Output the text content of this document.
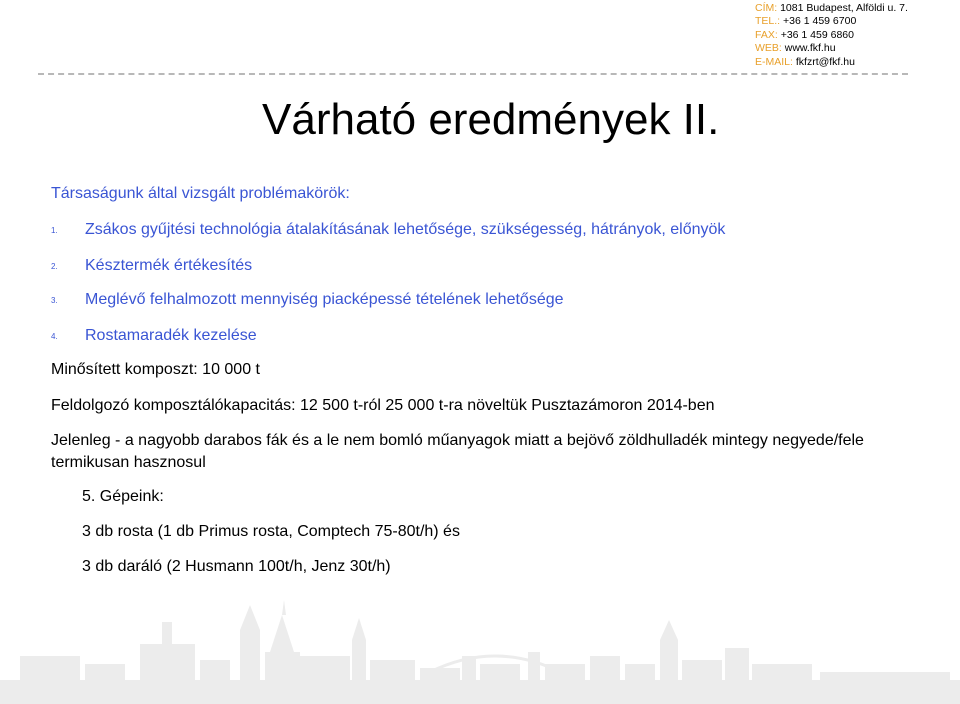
CÍM: 1081 Budapest, Alföldi u. 7.
TEL.: +36 1 459 6700
FAX: +36 1 459 6860
WEB: www.fkf.hu
E-MAIL: fkfzrt@fkf.hu
Várható eredmények II.
Társaságunk által vizsgált problémakörök:
1. Zsákos gyűjtési technológia átalakításának lehetősége, szükségesség, hátrányok, előnyök
2. Késztermék értékesítés
3. Meglévő felhalmozott mennyiség piacképessé tételének lehetősége
4. Rostamaradék kezelése
Minősített komposzt: 10 000 t
Feldolgozó komposztálókapacitás: 12 500 t-ról 25 000 t-ra növeltük Pusztazámoron 2014-ben
Jelenleg - a nagyobb darabos fák és a le nem bomló műanyagok miatt a bejövő zöldhulladék mintegy negyede/fele termikusan hasznosul
5. Gépeink:
3 db rosta (1 db Primus rosta, Comptech 75-80t/h) és
3 db daráló (2 Husmann 100t/h, Jenz 30t/h)
